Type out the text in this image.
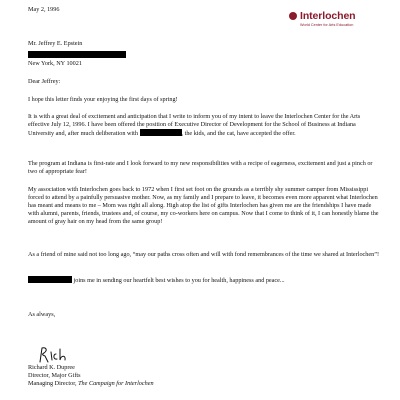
Interlochen
World Center for Arts Education
May 2, 1996
Mr. Jeffrey E. Epstein
New York, NY 10021
Dear Jeffrey:
I hope this letter finds your enjoying the first days of spring!
It is with a great deal of excitement and anticipation that I write to inform you of my intent to leave the Interlochen Center for the Arts effective July 12, 1996. I have been offered the position of Executive Director of Development for the School of Business at Indiana University and, after much deliberation with	, the kids, and the cat, have accepted the offer.
The program at Indiana is first-rate and I look forward to my new responsibilities with a recipe of eagerness, excitement and just a pinch or two of appropriate fear!
My association with Interlochen goes back to 1972 when I first set foot on the grounds as a terribly shy summer camper from Mississippi forced to attend by a painfully persuasive mother. Now, as my family and I prepare to leave, it becomes even more apparent what Interlochen has meant and means to me – Mom was right all along. High atop the list of gifts Interlochen has given me are the friendships I have made with alumni, parents, friends, trustees and, of course, my co-workers here on campus. Now that I come to think of it, I can honestly blame the amount of gray hair on my head from the same group!
As a friend of mine said not too long ago, “may our paths cross often and will with fond remembrances of the time we shared at Interlochen”!
joins me in sending our heartfelt best wishes to you for health, happiness and peace...
As always,
Richard K. Dupree
Director, Major Gifts
Managing Director, The Campaign for Interlochen
